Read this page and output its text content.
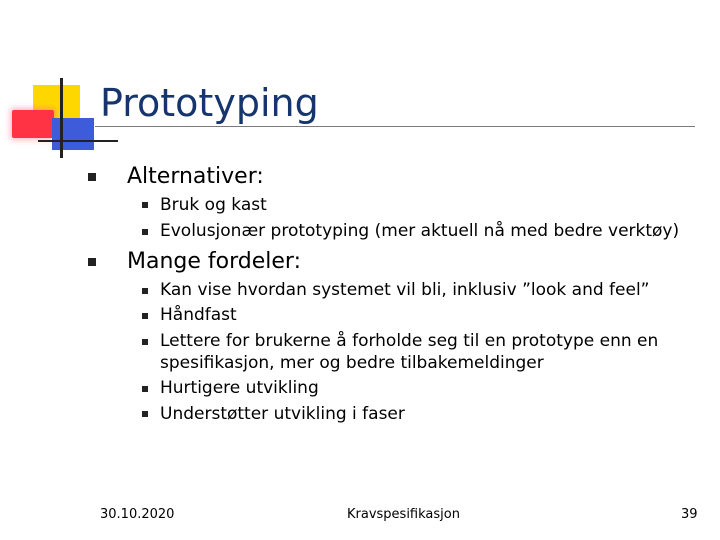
Prototyping
Alternativer:
Bruk og kast
Evolusjonær prototyping (mer aktuell nå med bedre verktøy)
Mange fordeler:
Kan vise hvordan systemet vil bli, inklusiv ”look and feel”
Håndfast
Lettere for brukerne å forholde seg til en prototype enn en
spesifikasjon, mer og bedre tilbakemeldinger
Hurtigere utvikling
Understøtter utvikling i faser
30.10.2020	Kravspesifikasjon	39
